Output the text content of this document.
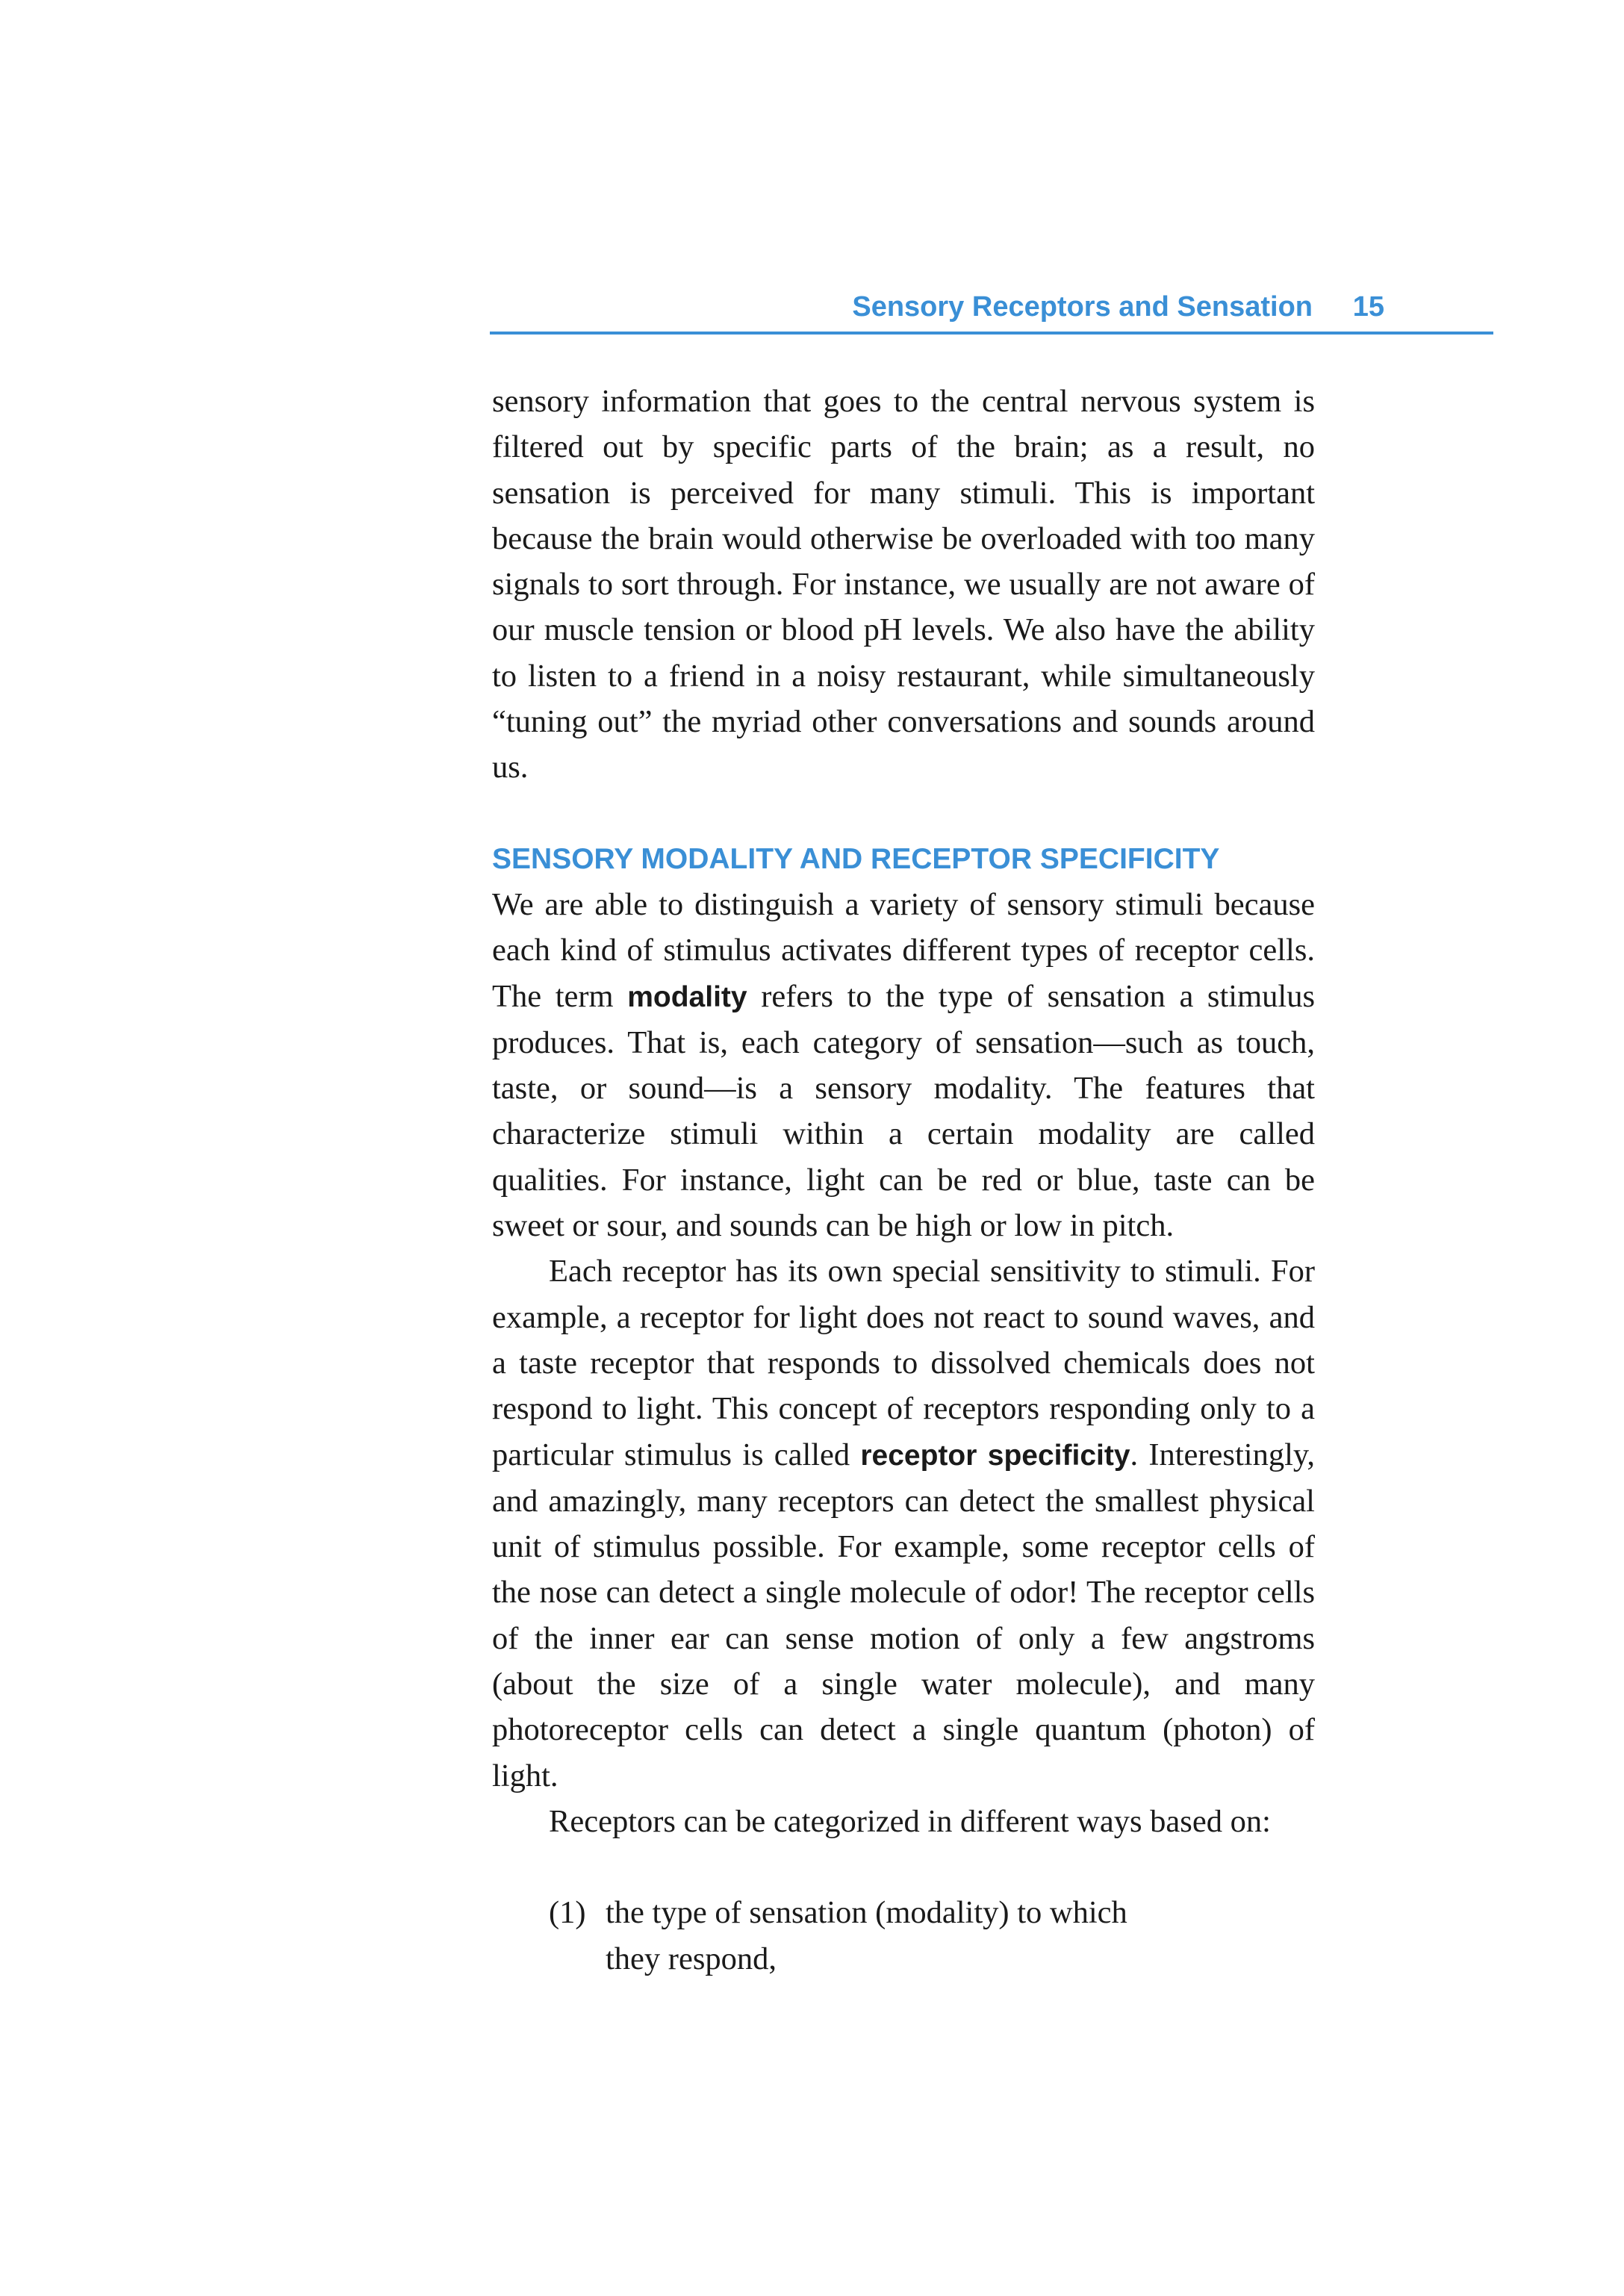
Sensory Receptors and Sensation 15

sensory information that goes to the central nervous system is filtered out by specific parts of the brain; as a result, no sensation is perceived for many stimuli. This is important because the brain would otherwise be overloaded with too many signals to sort through. For instance, we usually are not aware of our muscle tension or blood pH levels. We also have the ability to listen to a friend in a noisy restaurant, while simultaneously “tuning out” the myriad other conversations and sounds around us.

SENSORY MODALITY AND RECEPTOR SPECIFICITY

We are able to distinguish a variety of sensory stimuli because each kind of stimulus activates different types of receptor cells. The term modality refers to the type of sensation a stimulus produces. That is, each category of sensation—such as touch, taste, or sound—is a sensory modality. The features that characterize stimuli within a certain modality are called qualities. For instance, light can be red or blue, taste can be sweet or sour, and sounds can be high or low in pitch.

Each receptor has its own special sensitivity to stimuli. For example, a receptor for light does not react to sound waves, and a taste receptor that responds to dissolved chemicals does not respond to light. This concept of receptors responding only to a particular stimulus is called receptor specificity. Interestingly, and amazingly, many receptors can detect the smallest physical unit of stimulus possible. For example, some receptor cells of the nose can detect a single molecule of odor! The receptor cells of the inner ear can sense motion of only a few angstroms (about the size of a single water molecule), and many photoreceptor cells can detect a single quantum (photon) of light.

Receptors can be categorized in different ways based on:

(1) the type of sensation (modality) to which they respond,
